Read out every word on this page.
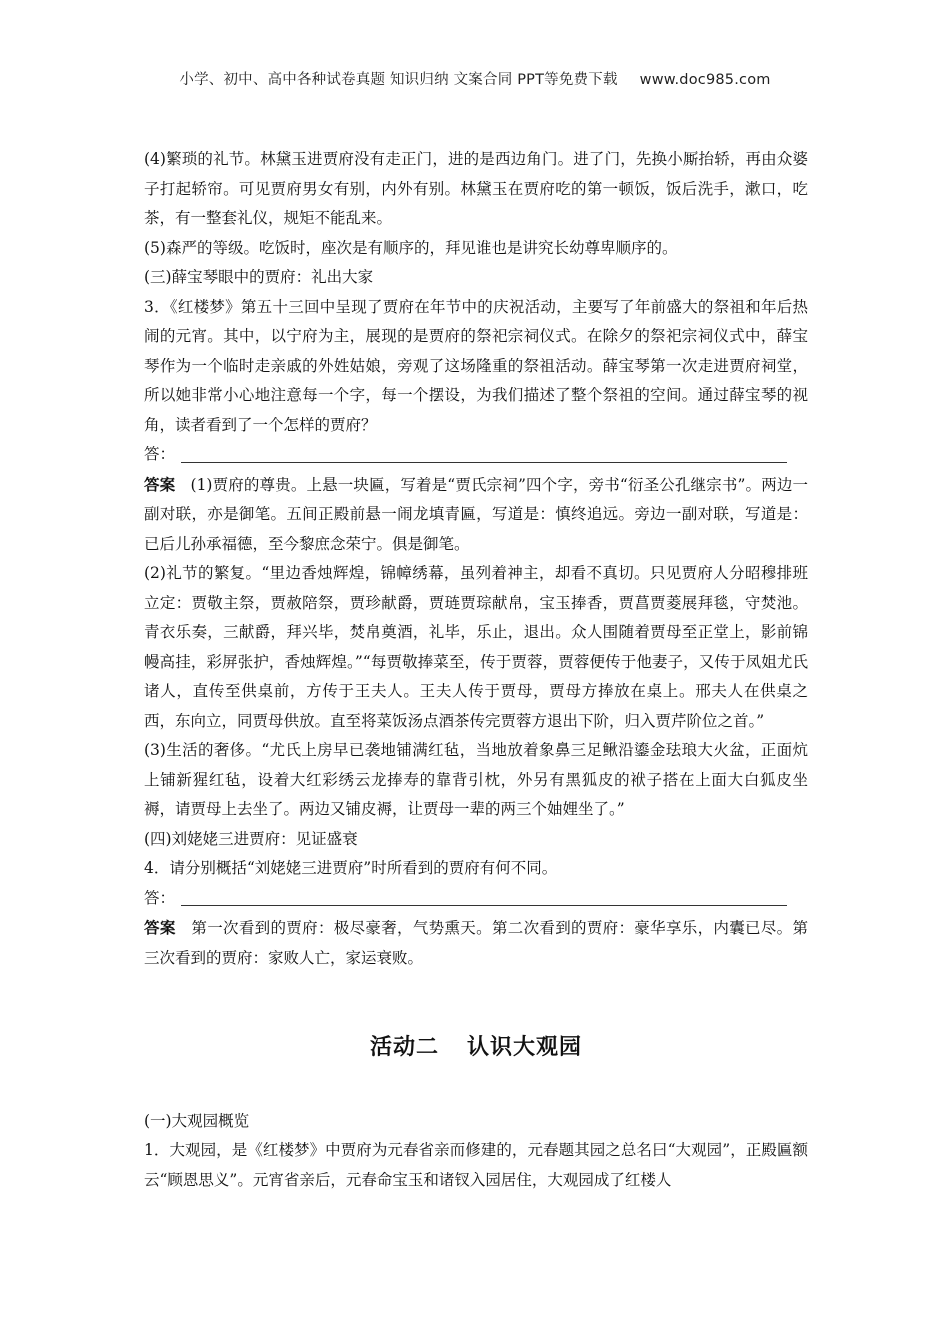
小学、初中、高中各种试卷真题 知识归纳 文案合同 PPT等免费下载 www.doc985.com

(4)繁琐的礼节。林黛玉进贾府没有走正门，进的是西边角门。进了门，先换小厮抬轿，再由众婆子打起轿帘。可见贾府男女有别，内外有别。林黛玉在贾府吃的第一顿饭，饭后洗手，漱口，吃茶，有一整套礼仪，规矩不能乱来。

(5)森严的等级。吃饭时，座次是有顺序的，拜见谁也是讲究长幼尊卑顺序的。

(三)薛宝琴眼中的贾府：礼出大家

3．《红楼梦》第五十三回中呈现了贾府在年节中的庆祝活动，主要写了年前盛大的祭祖和年后热闹的元宵。其中，以宁府为主，展现的是贾府的祭祀宗祠仪式。在除夕的祭祀宗祠仪式中，薛宝琴作为一个临时走亲戚的外姓姑娘，旁观了这场隆重的祭祖活动。薛宝琴第一次走进贾府祠堂，所以她非常小心地注意每一个字，每一个摆设，为我们描述了整个祭祖的空间。通过薛宝琴的视角，读者看到了一个怎样的贾府？

答：

答案 (1)贾府的尊贵。上悬一块匾，写着是“贾氏宗祠”四个字，旁书“衍圣公孔继宗书”。两边一副对联，亦是御笔。五间正殿前悬一闹龙填青匾，写道是：慎终追远。旁边一副对联，写道是：已后儿孙承福德，至今黎庶念荣宁。俱是御笔。

(2)礼节的繁复。“里边香烛辉煌，锦幛绣幕，虽列着神主，却看不真切。只见贾府人分昭穆排班立定：贾敬主祭，贾赦陪祭，贾珍献爵，贾琏贾琮献帛，宝玉捧香，贾菖贾菱展拜毯，守焚池。青衣乐奏，三献爵，拜兴毕，焚帛奠酒，礼毕，乐止，退出。众人围随着贾母至正堂上，影前锦幔高挂，彩屏张护，香烛辉煌。”“每贾敬捧菜至，传于贾蓉，贾蓉便传于他妻子，又传于凤姐尤氏诸人，直传至供桌前，方传于王夫人。王夫人传于贾母，贾母方捧放在桌上。邢夫人在供桌之西，东向立，同贾母供放。直至将菜饭汤点酒茶传完贾蓉方退出下阶，归入贾芹阶位之首。”

(3)生活的奢侈。“尤氏上房早已袭地铺满红毡，当地放着象鼻三足鳅沿鎏金珐琅大火盆，正面炕上铺新猩红毡，设着大红彩绣云龙捧寿的靠背引枕，外另有黑狐皮的袱子搭在上面大白狐皮坐褥，请贾母上去坐了。两边又铺皮褥，让贾母一辈的两三个妯娌坐了。”

(四)刘姥姥三进贾府：见证盛衰

4．请分别概括“刘姥姥三进贾府”时所看到的贾府有何不同。

答：

答案 第一次看到的贾府：极尽豪奢，气势熏天。第二次看到的贾府：豪华享乐，内囊已尽。第三次看到的贾府：家败人亡，家运衰败。

活动二 认识大观园

(一)大观园概览

1．大观园，是《红楼梦》中贾府为元春省亲而修建的，元春题其园之总名曰“大观园”，正殿匾额云“顾恩思义”。元宵省亲后，元春命宝玉和诸钗入园居住，大观园成了红楼人
